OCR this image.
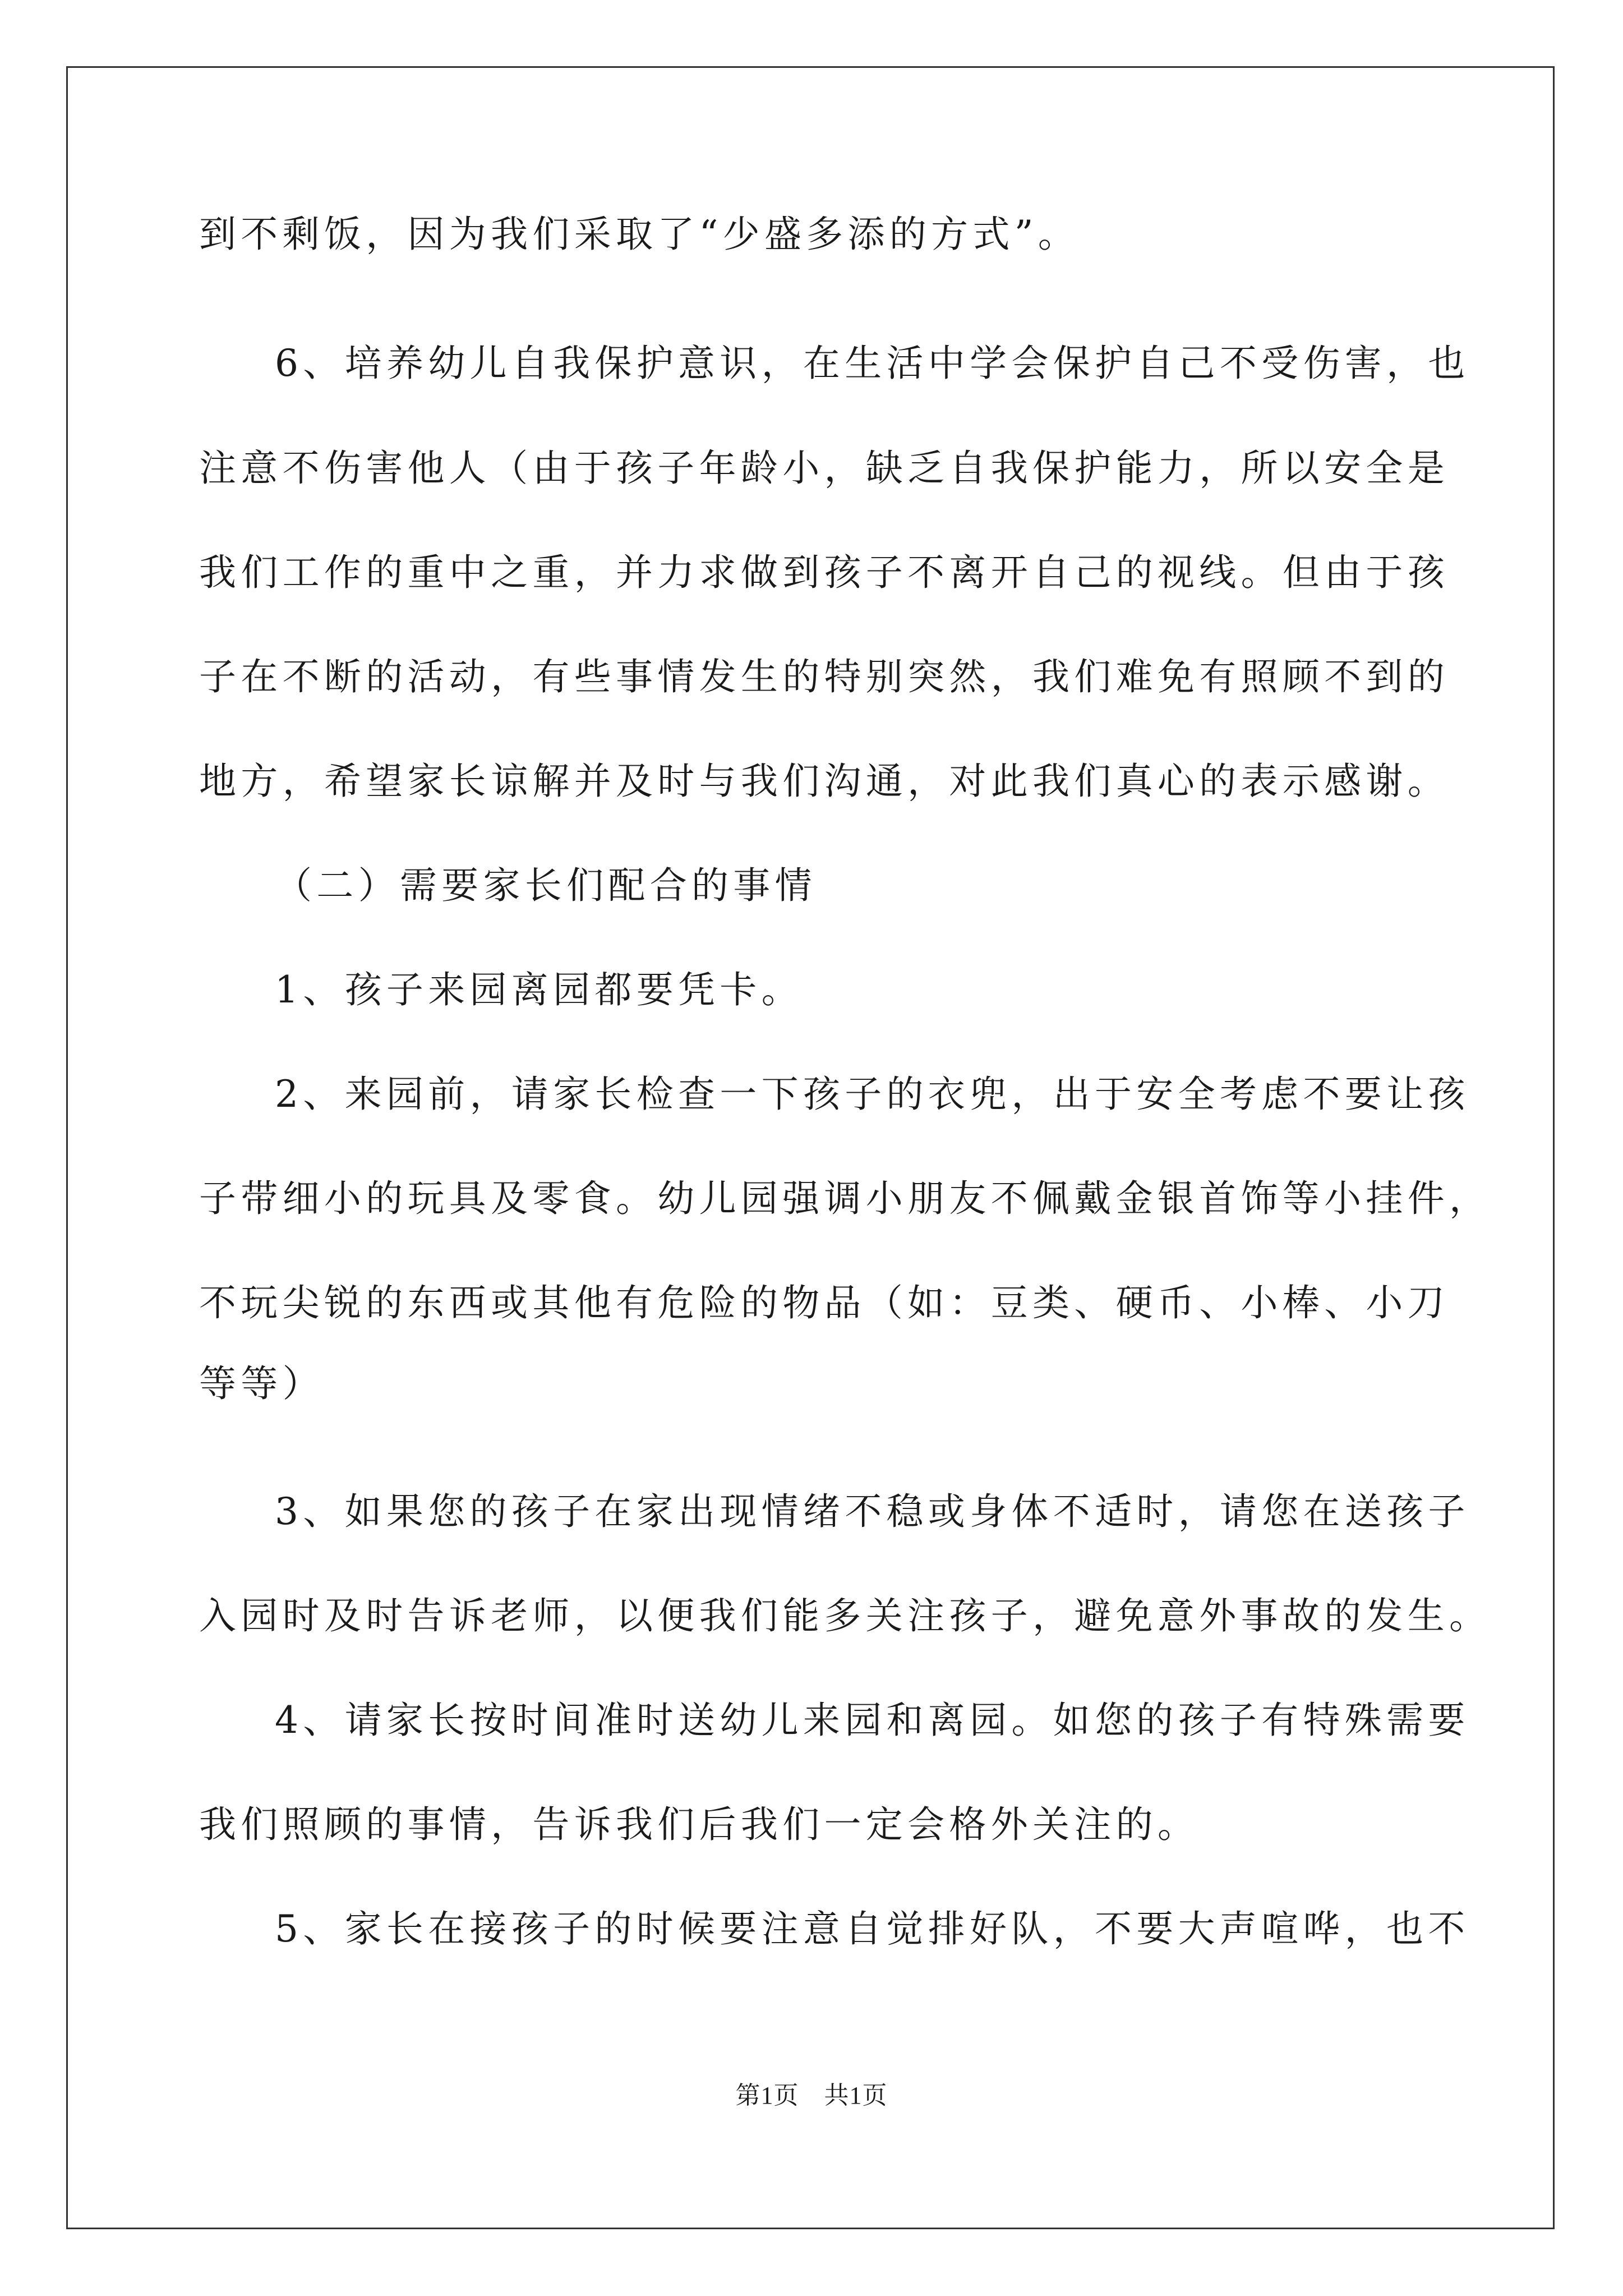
到不剩饭，因为我们采取了“少盛多添的方式”。
6、培养幼儿自我保护意识，在生活中学会保护自己不受伤害，也
注意不伤害他人（由于孩子年龄小，缺乏自我保护能力，所以安全是
我们工作的重中之重，并力求做到孩子不离开自己的视线。但由于孩
子在不断的活动，有些事情发生的特别突然，我们难免有照顾不到的
地方，希望家长谅解并及时与我们沟通，对此我们真心的表示感谢。
（二）需要家长们配合的事情
1、孩子来园离园都要凭卡。
2、来园前，请家长检查一下孩子的衣兜，出于安全考虑不要让孩
子带细小的玩具及零食。幼儿园强调小朋友不佩戴金银首饰等小挂件，
不玩尖锐的东西或其他有危险的物品（如：豆类、硬币、小棒、小刀
等等）
3、如果您的孩子在家出现情绪不稳或身体不适时，请您在送孩子
入园时及时告诉老师，以便我们能多关注孩子，避免意外事故的发生。
4、请家长按时间准时送幼儿来园和离园。如您的孩子有特殊需要
我们照顾的事情，告诉我们后我们一定会格外关注的。
5、家长在接孩子的时候要注意自觉排好队，不要大声喧哗，也不
第1页　共1页
